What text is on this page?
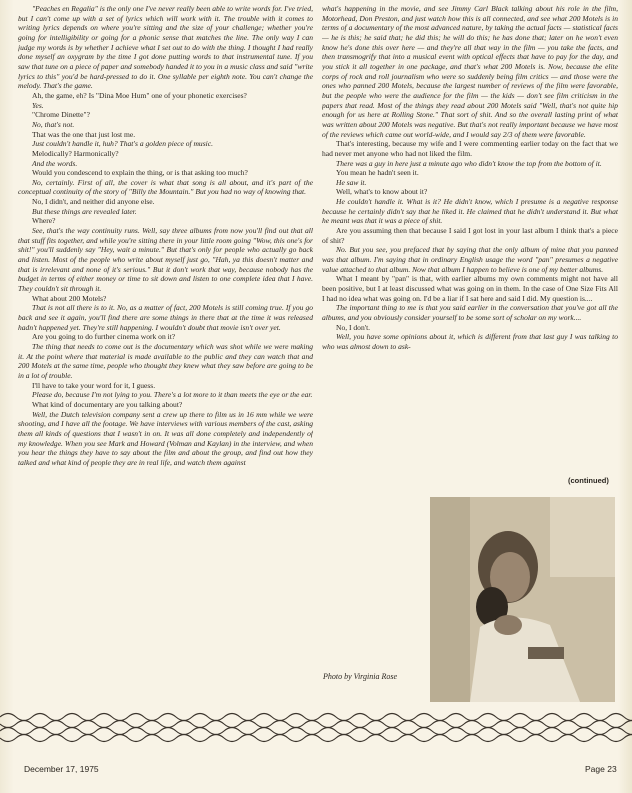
"Peaches en Regalia" is the only one I've never really been able to write words for. I've tried, but I can't come up with a set of lyrics which will work with it. The trouble with it comes to writing lyrics depends on where you're sitting and the size of your challenge; whether you're going for intelligibility or going for a phonic sense that matches the line. The only way I can judge my words is by whether I achieve what I set out to do with the thing. I thought I had really done myself an oxygram by the time I got done putting words to that instrumental tune. If you saw that tune on a piece of paper and somebody handed it to you in a music class and said "write lyrics to this" you'd be hard-pressed to do it. One syllable per eighth note. You can't change the melody. That's the game.

Ah, the game, eh? Is "Dina Moe Hum" one of your phonetic exercises?

Yes.

"Chrome Dinette"?

No, that's not.

That was the one that just lost me.

Just couldn't handle it, huh? That's a golden piece of music.

Melodically? Harmonically?

And the words.

Would you condescend to explain the thing, or is that asking too much?

No, certainly. First of all, the cover is what that song is all about, and it's part of the conceptual continuity of the story of "Billy the Mountain." But you had no way of knowing that.

No, I didn't, and neither did anyone else.

But these things are revealed later.

Where?

See, that's the way continuity runs. Well, say three albums from now you'll find out that all that stuff fits together, and while you're sitting there in your little room going "Wow, this one's for shit!" you'll suddenly say "Hey, wait a minute." But that's only for people who actually go back and listen. Most of the people who write about myself just go, "Hah, ya this doesn't matter and that is irrelevant and none of it's serious." But it don't work that way, because nobody has the budget in terms of either money or time to sit down and listen to one complete idea that I have. They couldn't sit through it.

What about 200 Motels?

That is not all there is to it. No, as a matter of fact, 200 Motels is still coming true. If you go back and see it again, you'll find there are some things in there that at the time it was released hadn't happened yet. They're still happening. I wouldn't doubt that movie isn't over yet.

Are you going to do further cinema work on it?

The thing that needs to come out is the documentary which was shot while we were making it. At the point where that material is made available to the public and they can watch that and 200 Motels at the same time, people who thought they knew what they saw before are going to be in a lot of trouble.

I'll have to take your word for it, I guess.

Please do, because I'm not lying to you. There's a lot more to it than meets the eye or the ear.

What kind of documentary are you talking about?

Well, the Dutch television company sent a crew up there to film us in 16 mm while we were shooting, and I have all the footage. We have interviews with various members of the cast, asking them all kinds of questions that I wasn't in on. It was all done completely and independently of my knowledge. When you see Mark and Howard (Volman and Kaylan) in the interview, and when you hear the things they have to say about the film and about the group, and find out how they talked and what kind of people they are in real life, and watch them against

what's happening in the movie, and see Jimmy Carl Black talking about his role in the film, Motorhead, Don Preston, and just watch how this is all connected, and see what 200 Motels is in terms of a documentary of the most advanced nature, by taking the actual facts — statistical facts — he is this; he said that; he did this; he will do this; he has done that; later on he won't even know he's done this over here — and they're all that way in the film — you take the facts, and then transmogrify that into a musical event with optical effects that have to pay for the day, and you stick it all together in one package, and that's what 200 Motels is. Now, because the elite corps of rock and roll journalism who were so suddenly being film critics — and those were the ones who panned 200 Motels, because the largest number of reviews of the film were favorable, but the people who were the audience for the film — the kids — don't see film criticism in the papers that read. Most of the things they read about 200 Motels said "Well, that's not quite hip enough for us here at Rolling Stone." That sort of shit. And so the overall lasting print of what was written about 200 Motels was negative. But that's not really important because we have most of the reviews which came out world-wide, and I would say 2/3 of them were favorable.

That's interesting, because my wife and I were commenting earlier today on the fact that we had never met anyone who had not liked the film.

There was a guy in here just a minute ago who didn't know the top from the bottom of it.

You mean he hadn't seen it.

He saw it.

Well, what's to know about it?

He couldn't handle it. What is it? He didn't know, which I presume is a negative response because he certainly didn't say that he liked it. He claimed that he didn't understand it. But what he meant was that it was a piece of shit.

Are you assuming then that because I said I got lost in your last album I think that's a piece of shit?

No. But you see, you prefaced that by saying that the only album of mine that you panned was that album. I'm saying that in ordinary English usage the word "pan" presumes a negative value attached to that album. Now that album I happen to believe is one of my better albums.

What I meant by "pan" is that, with earlier albums my own comments might not have all been positive, but I at least discussed what was going on in them. In the case of One Size Fits All I had no idea what was going on. I'd be a liar if I sat here and said I did. My question is....

The important thing to me is that you said earlier in the conversation that you've got all the albums, and you obviously consider yourself to be some sort of scholar on my work....

No, I don't.

Well, you have some opinions about it, which is different from that last guy I was talking to who was almost down to ask-

(continued)
Photo by Virginia Rose
December 17, 1975	Page 23
